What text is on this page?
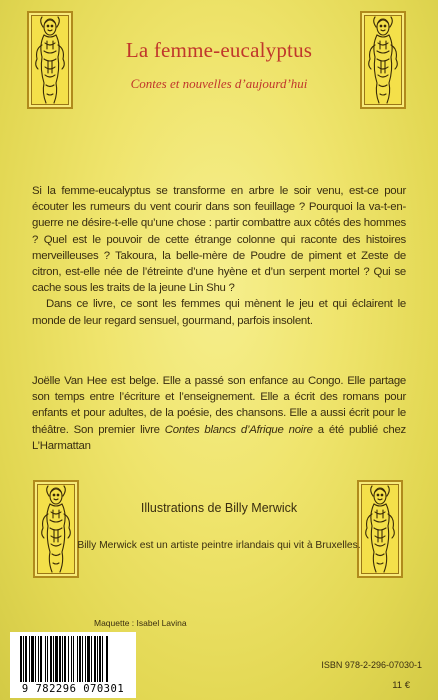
La femme-eucalyptus
Contes et nouvelles d’aujourd’hui

Si la femme-eucalyptus se transforme en arbre le soir venu, est-ce pour écouter les rumeurs du vent courir dans son feuillage ? Pourquoi la va-t-en-guerre ne désire-t-elle qu’une chose : partir combattre aux côtés des hommes ? Quel est le pouvoir de cette étrange colonne qui raconte des histoires merveilleuses ? Takoura, la belle-mère de Poudre de piment et Zeste de citron, est-elle née de l’étreinte d’une hyène et d’un serpent mortel ? Qui se cache sous les traits de la jeune Lin Shu ?

Dans ce livre, ce sont les femmes qui mènent le jeu et qui éclairent le monde de leur regard sensuel, gourmand, parfois insolent.

Joëlle Van Hee est belge. Elle a passé son enfance au Congo. Elle partage son temps entre l’écriture et l’enseignement. Elle a écrit des romans pour enfants et pour adultes, de la poésie, des chansons. Elle a aussi écrit pour le théâtre. Son premier livre Contes blancs d’Afrique noire a été publié chez L’Harmattan
Illustrations de Billy Merwick
Billy Merwick est un artiste peintre irlandais qui vit à Bruxelles.
Maquette : Isabel Lavina
9 782296 070301
ISBN 978-2-296-07030-1
11 €
